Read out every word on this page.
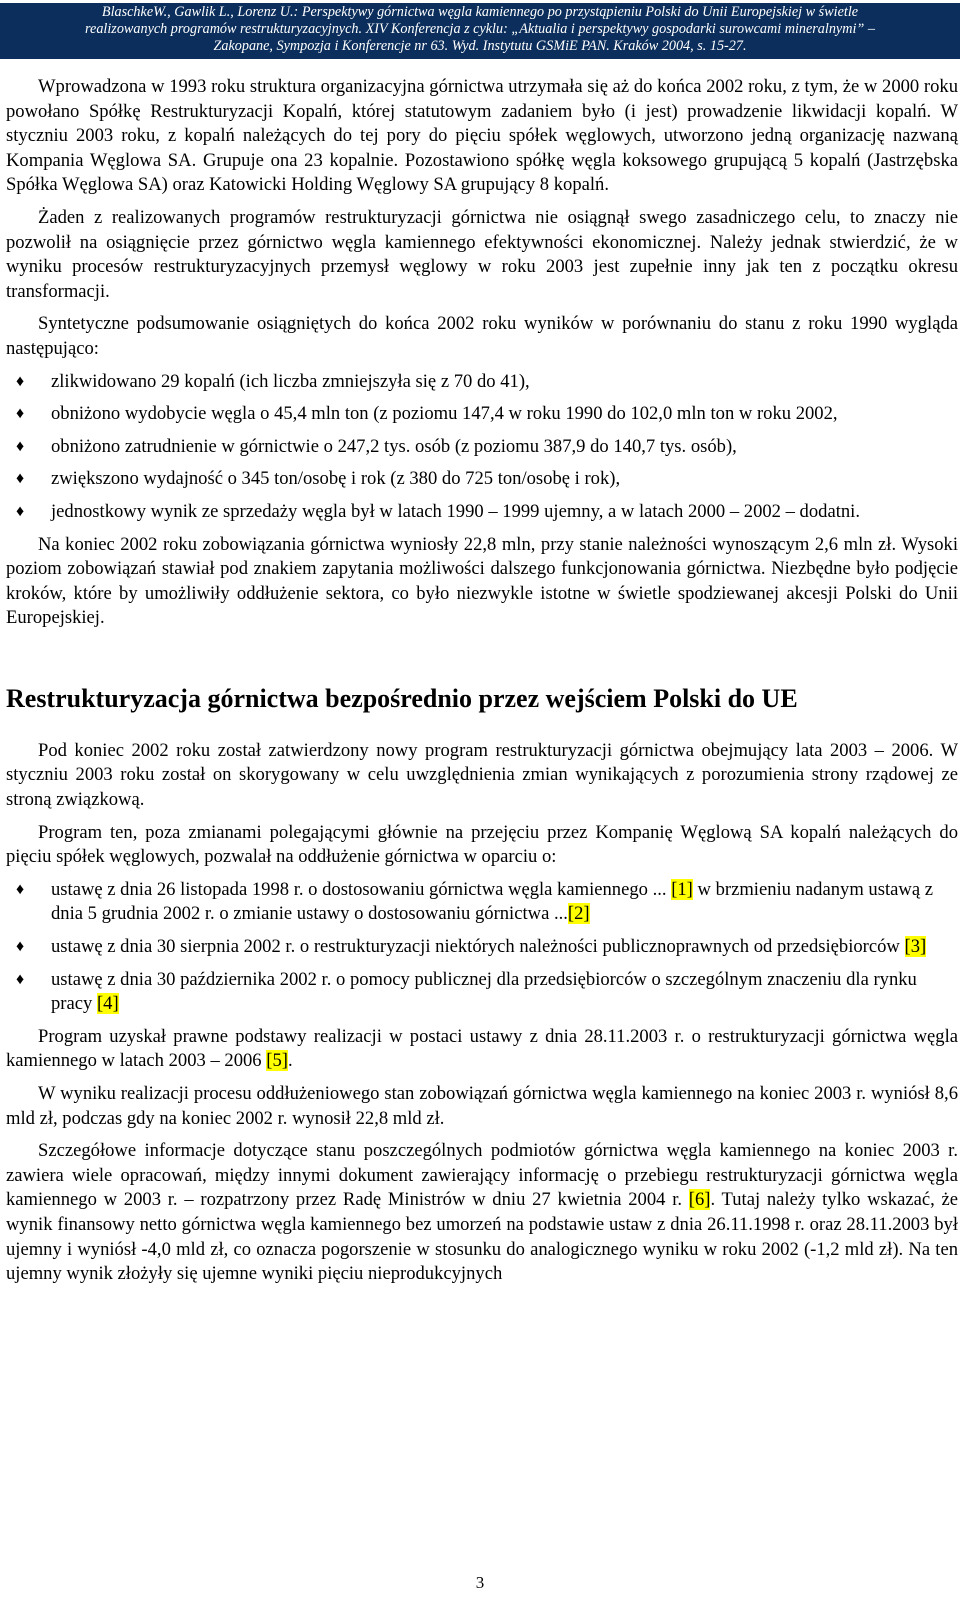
BlaschkeW., Gawlik L., Lorenz U.: Perspektywy górnictwa węgla kamiennego po przystąpieniu Polski do Unii Europejskiej w świetle
realizowanych programów restrukturyzacyjnych. XIV Konferencja z cyklu: „Aktualia i perspektywy gospodarki surowcami mineralnymi” –
Zakopane, Sympozja i Konferencje nr 63. Wyd. Instytutu GSMiE PAN. Kraków 2004, s. 15-27.

Wprowadzona w 1993 roku struktura organizacyjna górnictwa utrzymała się aż do końca 2002 roku, z tym, że w 2000 roku powołano Spółkę Restrukturyzacji Kopalń, której statutowym zadaniem było (i jest) prowadzenie likwidacji kopalń. W styczniu 2003 roku, z kopalń należących do tej pory do pięciu spółek węglowych, utworzono jedną organizację nazwaną Kompania Węglowa SA. Grupuje ona 23 kopalnie. Pozostawiono spółkę węgla koksowego grupującą 5 kopalń (Jastrzębska Spółka Węglowa SA) oraz Katowicki Holding Węglowy SA grupujący 8 kopalń.

Żaden z realizowanych programów restrukturyzacji górnictwa nie osiągnął swego zasadniczego celu, to znaczy nie pozwolił na osiągnięcie przez górnictwo węgla kamiennego efektywności ekonomicznej. Należy jednak stwierdzić, że w wyniku procesów restrukturyzacyjnych przemysł węglowy w roku 2003 jest zupełnie inny jak ten z początku okresu transformacji.

Syntetyczne podsumowanie osiągniętych do końca 2002 roku wyników w porównaniu do stanu z roku 1990 wygląda następująco:

♦ zlikwidowano 29 kopalń (ich liczba zmniejszyła się z 70 do 41),
♦ obniżono wydobycie węgla o 45,4 mln ton (z poziomu 147,4 w roku 1990 do 102,0 mln ton w roku 2002,
♦ obniżono zatrudnienie w górnictwie o 247,2 tys. osób (z poziomu 387,9 do 140,7 tys. osób),
♦ zwiększono wydajność o 345 ton/osobę i rok (z 380 do 725 ton/osobę i rok),
♦ jednostkowy wynik ze sprzedaży węgla był w latach 1990 – 1999 ujemny, a w latach 2000 – 2002 – dodatni.

Na koniec 2002 roku zobowiązania górnictwa wyniosły 22,8 mln, przy stanie należności wynoszącym 2,6 mln zł. Wysoki poziom zobowiązań stawiał pod znakiem zapytania możliwości dalszego funkcjonowania górnictwa. Niezbędne było podjęcie kroków, które by umożliwiły oddłużenie sektora, co było niezwykle istotne w świetle spodziewanej akcesji Polski do Unii Europejskiej.

Restrukturyzacja górnictwa bezpośrednio przez wejściem Polski do UE

Pod koniec 2002 roku został zatwierdzony nowy program restrukturyzacji górnictwa obejmujący lata 2003 – 2006. W styczniu 2003 roku został on skorygowany w celu uwzględnienia zmian wynikających z porozumienia strony rządowej ze stroną związkową.

Program ten, poza zmianami polegającymi głównie na przejęciu przez Kompanię Węglową SA kopalń należących do pięciu spółek węglowych, pozwalał na oddłużenie górnictwa w oparciu o:

♦ ustawę z dnia 26 listopada 1998 r. o dostosowaniu górnictwa węgla kamiennego ... [1] w brzmieniu nadanym ustawą z dnia 5 grudnia 2002 r. o zmianie ustawy o dostosowaniu górnictwa ...[2]
♦ ustawę z dnia 30 sierpnia 2002 r. o restrukturyzacji niektórych należności publicznoprawnych od przedsiębiorców [3]
♦ ustawę z dnia 30 października 2002 r. o pomocy publicznej dla przedsiębiorców o szczególnym znaczeniu dla rynku pracy [4]

Program uzyskał prawne podstawy realizacji w postaci ustawy z dnia 28.11.2003 r. o restrukturyzacji górnictwa węgla kamiennego w latach 2003 – 2006 [5].

W wyniku realizacji procesu oddłużeniowego stan zobowiązań górnictwa węgla kamiennego na koniec 2003 r. wyniósł 8,6 mld zł, podczas gdy na koniec 2002 r. wynosił 22,8 mld zł.

Szczegółowe informacje dotyczące stanu poszczególnych podmiotów górnictwa węgla kamiennego na koniec 2003 r. zawiera wiele opracowań, między innymi dokument zawierający informację o przebiegu restrukturyzacji górnictwa węgla kamiennego w 2003 r. – rozpatrzony przez Radę Ministrów w dniu 27 kwietnia 2004 r. [6]. Tutaj należy tylko wskazać, że wynik finansowy netto górnictwa węgla kamiennego bez umorzeń na podstawie ustaw z dnia 26.11.1998 r. oraz 28.11.2003 był ujemny i wyniósł -4,0 mld zł, co oznacza pogorszenie w stosunku do analogicznego wyniku w roku 2002 (-1,2 mld zł). Na ten ujemny wynik złożyły się ujemne wyniki pięciu nieprodukcyjnych

3
